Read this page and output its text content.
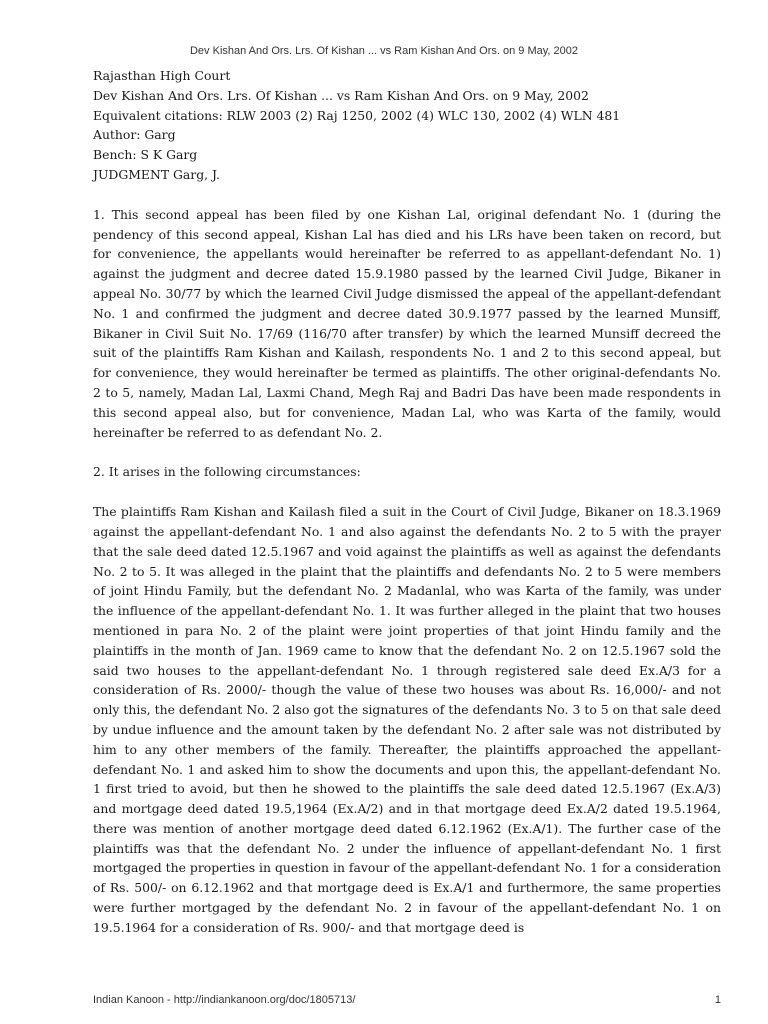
Dev Kishan And Ors. Lrs. Of Kishan ... vs Ram Kishan And Ors. on 9 May, 2002
Rajasthan High Court
Dev Kishan And Ors. Lrs. Of Kishan ... vs Ram Kishan And Ors. on 9 May, 2002
Equivalent citations: RLW 2003 (2) Raj 1250, 2002 (4) WLC 130, 2002 (4) WLN 481
Author: Garg
Bench: S K Garg
JUDGMENT Garg, J.

1. This second appeal has been filed by one Kishan Lal, original defendant No. 1 (during the pendency of this second appeal, Kishan Lal has died and his LRs have been taken on record, but for convenience, the appellants would hereinafter be referred to as appellant-defendant No. 1) against the judgment and decree dated 15.9.1980 passed by the learned Civil Judge, Bikaner in appeal No. 30/77 by which the learned Civil Judge dismissed the appeal of the appellant-defendant No. 1 and confirmed the judgment and decree dated 30.9.1977 passed by the learned Munsiff, Bikaner in Civil Suit No. 17/69 (116/70 after transfer) by which the learned Munsiff decreed the suit of the plaintiffs Ram Kishan and Kailash, respondents No. 1 and 2 to this second appeal, but for convenience, they would hereinafter be termed as plaintiffs. The other original-defendants No. 2 to 5, namely, Madan Lal, Laxmi Chand, Megh Raj and Badri Das have been made respondents in this second appeal also, but for convenience, Madan Lal, who was Karta of the family, would hereinafter be referred to as defendant No. 2.

2. It arises in the following circumstances:

The plaintiffs Ram Kishan and Kailash filed a suit in the Court of Civil Judge, Bikaner on 18.3.1969 against the appellant-defendant No. 1 and also against the defendants No. 2 to 5 with the prayer that the sale deed dated 12.5.1967 and void against the plaintiffs as well as against the defendants No. 2 to 5. It was alleged in the plaint that the plaintiffs and defendants No. 2 to 5 were members of joint Hindu Family, but the defendant No. 2 Madanlal, who was Karta of the family, was under the influence of the appellant-defendant No. 1. It was further alleged in the plaint that two houses mentioned in para No. 2 of the plaint were joint properties of that joint Hindu family and the plaintiffs in the month of Jan. 1969 came to know that the defendant No. 2 on 12.5.1967 sold the said two houses to the appellant-defendant No. 1 through registered sale deed Ex.A/3 for a consideration of Rs. 2000/- though the value of these two houses was about Rs. 16,000/- and not only this, the defendant No. 2 also got the signatures of the defendants No. 3 to 5 on that sale deed by undue influence and the amount taken by the defendant No. 2 after sale was not distributed by him to any other members of the family. Thereafter, the plaintiffs approached the appellant-defendant No. 1 and asked him to show the documents and upon this, the appellant-defendant No. 1 first tried to avoid, but then he showed to the plaintiffs the sale deed dated 12.5.1967 (Ex.A/3) and mortgage deed dated 19.5,1964 (Ex.A/2) and in that mortgage deed Ex.A/2 dated 19.5.1964, there was mention of another mortgage deed dated 6.12.1962 (Ex.A/1). The further case of the plaintiffs was that the defendant No. 2 under the influence of appellant-defendant No. 1 first mortgaged the properties in question in favour of the appellant-defendant No. 1 for a consideration of Rs. 500/- on 6.12.1962 and that mortgage deed is Ex.A/1 and furthermore, the same properties were further mortgaged by the defendant No. 2 in favour of the appellant-defendant No. 1 on 19.5.1964 for a consideration of Rs. 900/- and that mortgage deed is

Indian Kanoon - http://indiankanoon.org/doc/1805713/	1
